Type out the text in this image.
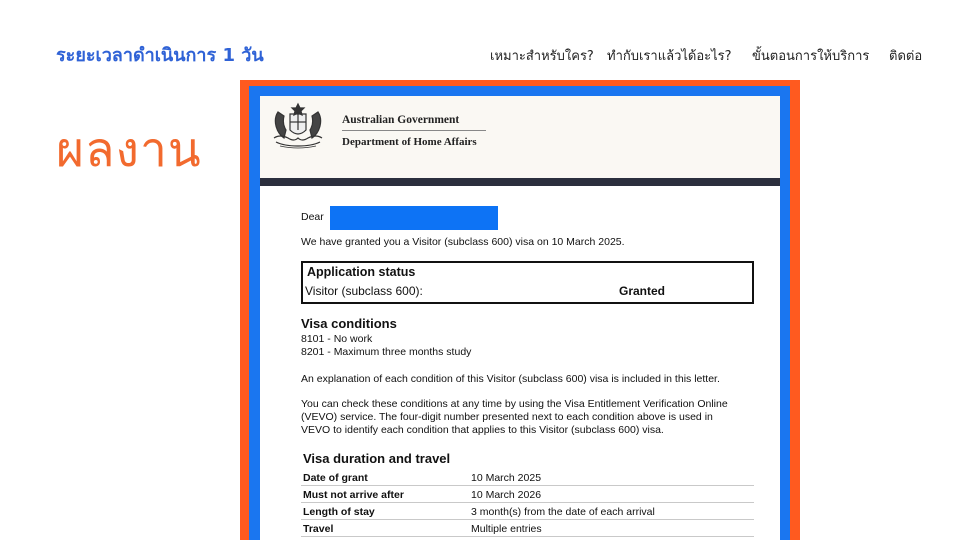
ระยะเวลาดำเนินการ 1 วัน	เหมาะสำหรับใคร? ทำกับเราแล้วได้อะไร? ขั้นตอนการให้บริการ ติดต่อ
ผลงาน
Australian Government
Department of Home Affairs
Dear
We have granted you a Visitor (subclass 600) visa on 10 March 2025.
Application status
Visitor (subclass 600):	Granted
Visa conditions
8101 - No work
8201 - Maximum three months study
An explanation of each condition of this Visitor (subclass 600) visa is included in this letter.
You can check these conditions at any time by using the Visa Entitlement Verification Online
(VEVO) service. The four-digit number presented next to each condition above is used in
VEVO to identify each condition that applies to this Visitor (subclass 600) visa.
Visa duration and travel
Date of grant	10 March 2025
Must not arrive after	10 March 2026
Length of stay	3 month(s) from the date of each arrival
Travel	Multiple entries
